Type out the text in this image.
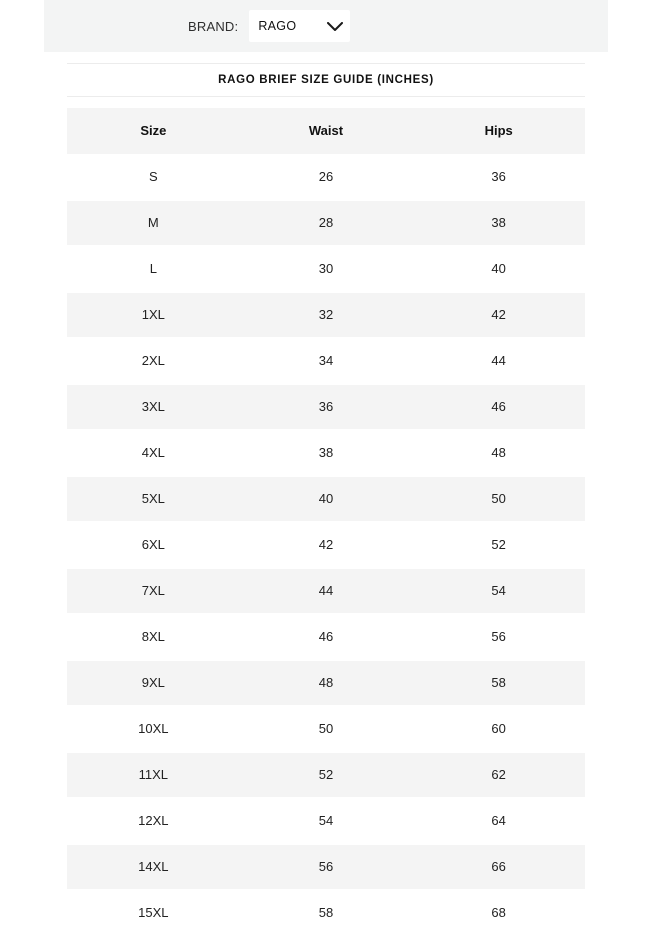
BRAND: RAGO
RAGO BRIEF SIZE GUIDE (INCHES)
Size	Waist	Hips
S	26	36
M	28	38
L	30	40
1XL	32	42
2XL	34	44
3XL	36	46
4XL	38	48
5XL	40	50
6XL	42	52
7XL	44	54
8XL	46	56
9XL	48	58
10XL	50	60
11XL	52	62
12XL	54	64
14XL	56	66
15XL	58	68
